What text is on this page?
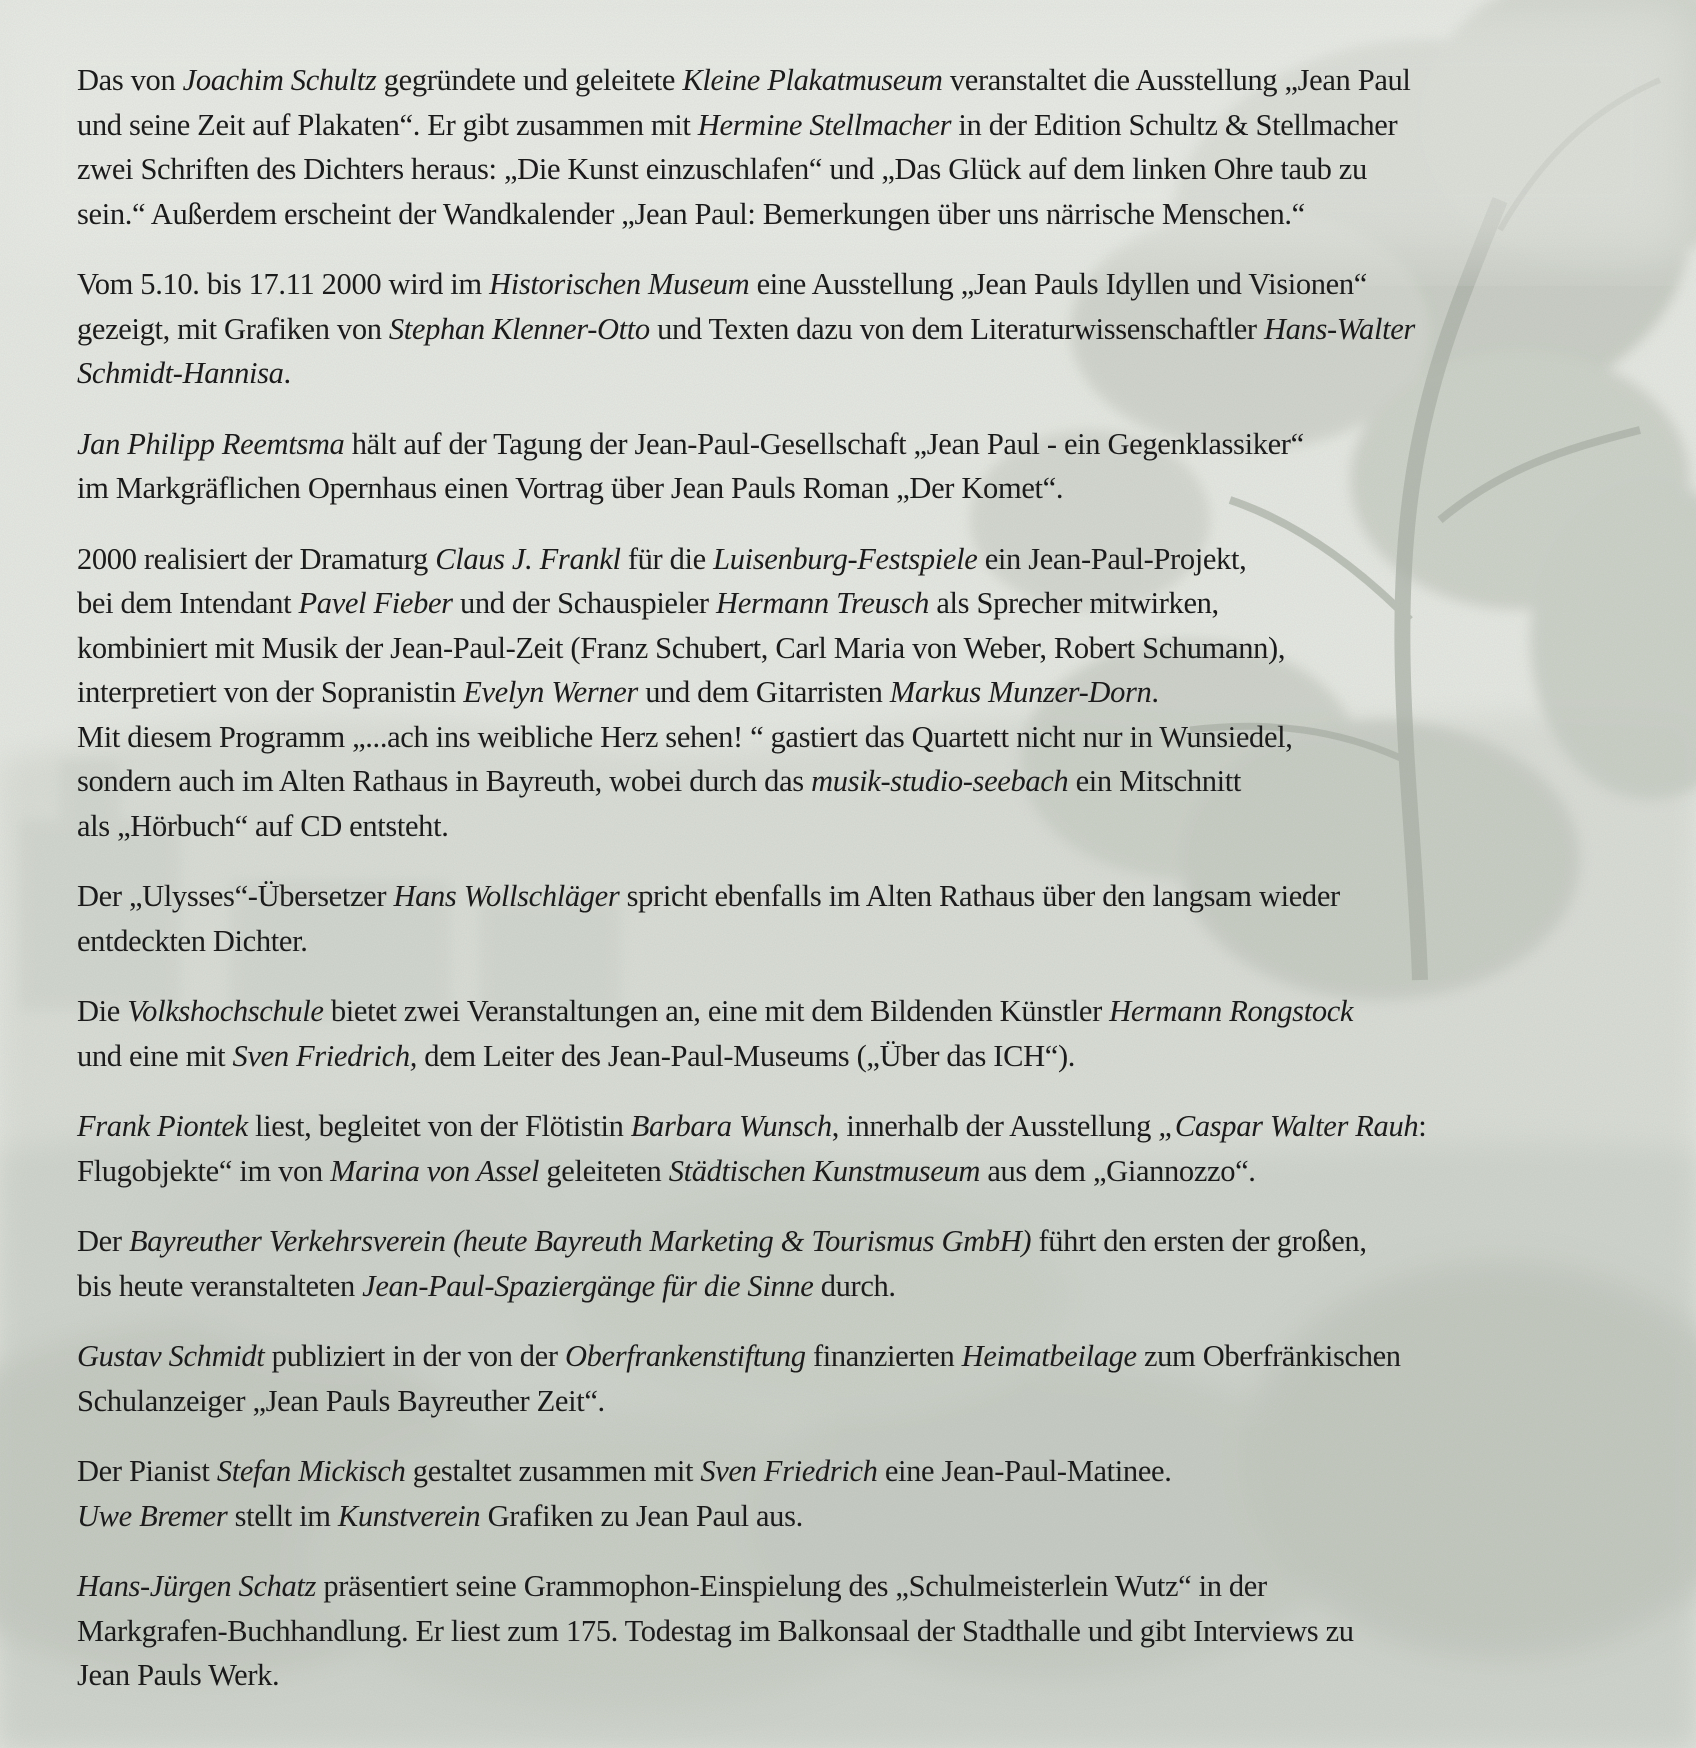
Das von Joachim Schultz gegründete und geleitete Kleine Plakatmuseum veranstaltet die Ausstellung „Jean Paul
und seine Zeit auf Plakaten“. Er gibt zusammen mit Hermine Stellmacher in der Edition Schultz & Stellmacher
zwei Schriften des Dichters heraus: „Die Kunst einzuschlafen“ und „Das Glück auf dem linken Ohre taub zu
sein.“ Außerdem erscheint der Wandkalender „Jean Paul: Bemerkungen über uns närrische Menschen.“

Vom 5.10. bis 17.11 2000 wird im Historischen Museum eine Ausstellung „Jean Pauls Idyllen und Visionen“
gezeigt, mit Grafiken von Stephan Klenner-Otto und Texten dazu von dem Literaturwissenschaftler Hans-Walter
Schmidt-Hannisa.

Jan Philipp Reemtsma hält auf der Tagung der Jean-Paul-Gesellschaft „Jean Paul - ein Gegenklassiker“
im Markgräflichen Opernhaus einen Vortrag über Jean Pauls Roman „Der Komet“.

2000 realisiert der Dramaturg Claus J. Frankl für die Luisenburg-Festspiele ein Jean-Paul-Projekt,
bei dem Intendant Pavel Fieber und der Schauspieler Hermann Treusch als Sprecher mitwirken,
kombiniert mit Musik der Jean-Paul-Zeit (Franz Schubert, Carl Maria von Weber, Robert Schumann),
interpretiert von der Sopranistin Evelyn Werner und dem Gitarristen Markus Munzer-Dorn.
Mit diesem Programm „...ach ins weibliche Herz sehen! “ gastiert das Quartett nicht nur in Wunsiedel,
sondern auch im Alten Rathaus in Bayreuth, wobei durch das musik-studio-seebach ein Mitschnitt
als „Hörbuch“ auf CD entsteht.

Der „Ulysses“-Übersetzer Hans Wollschläger spricht ebenfalls im Alten Rathaus über den langsam wieder
entdeckten Dichter.

Die Volkshochschule bietet zwei Veranstaltungen an, eine mit dem Bildenden Künstler Hermann Rongstock
und eine mit Sven Friedrich, dem Leiter des Jean-Paul-Museums („Über das ICH“).

Frank Piontek liest, begleitet von der Flötistin Barbara Wunsch, innerhalb der Ausstellung „Caspar Walter Rauh:
Flugobjekte“ im von Marina von Assel geleiteten Städtischen Kunstmuseum aus dem „Giannozzo“.

Der Bayreuther Verkehrsverein (heute Bayreuth Marketing & Tourismus GmbH) führt den ersten der großen,
bis heute veranstalteten Jean-Paul-Spaziergänge für die Sinne durch.

Gustav Schmidt publiziert in der von der Oberfrankenstiftung finanzierten Heimatbeilage zum Oberfränkischen
Schulanzeiger „Jean Pauls Bayreuther Zeit“.

Der Pianist Stefan Mickisch gestaltet zusammen mit Sven Friedrich eine Jean-Paul-Matinee.
Uwe Bremer stellt im Kunstverein Grafiken zu Jean Paul aus.

Hans-Jürgen Schatz präsentiert seine Grammophon-Einspielung des „Schulmeisterlein Wutz“ in der
Markgrafen-Buchhandlung. Er liest zum 175. Todestag im Balkonsaal der Stadthalle und gibt Interviews zu
Jean Pauls Werk.
